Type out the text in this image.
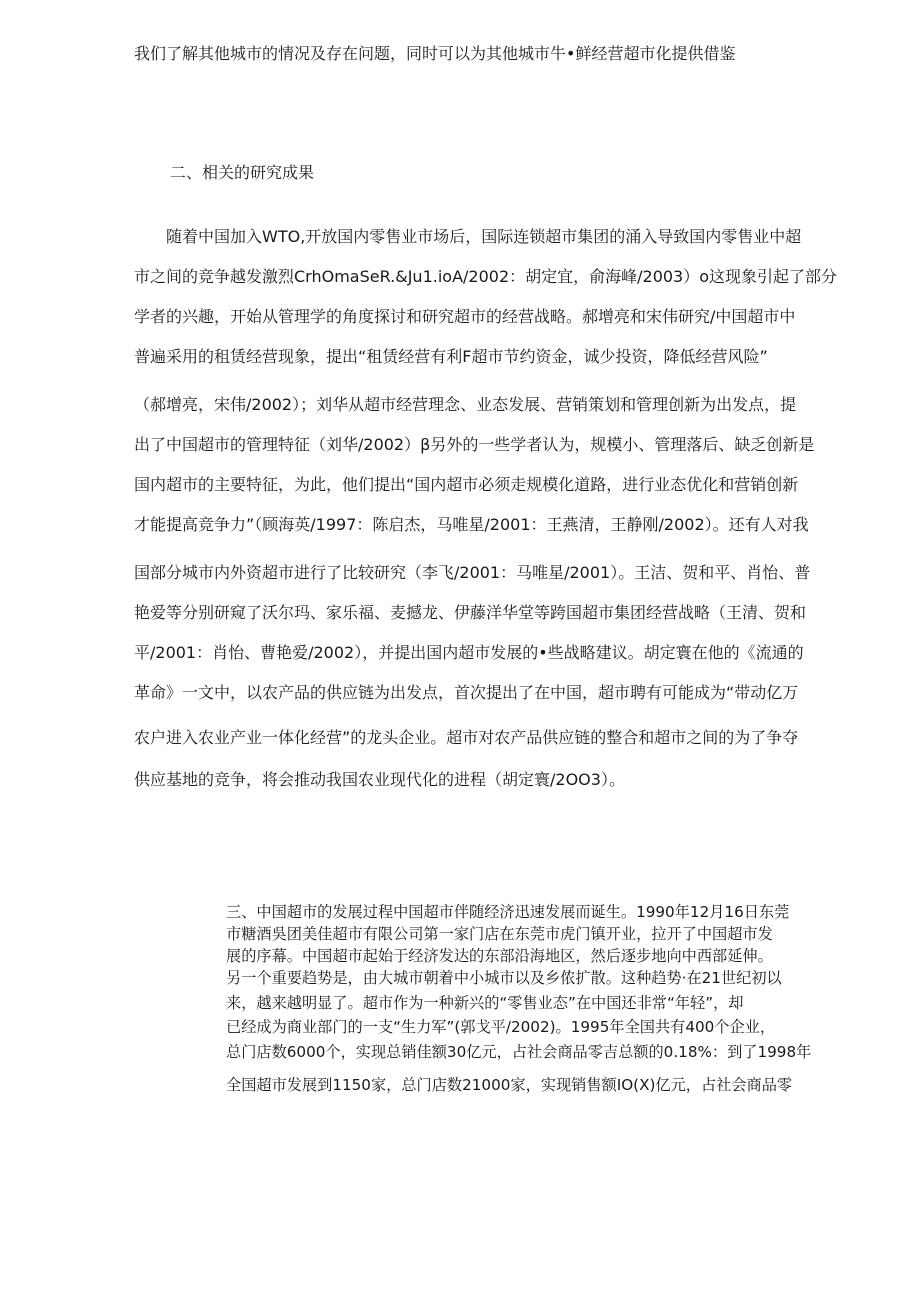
我们了解其他城市的情况及存在问题，同时可以为其他城市牛•鲜经营超市化提供借鉴

二、相关的研究成果

　　随着中国加入WTO,开放国内零售业市场后，国际连锁超市集团的涌入导致国内零售业中超

市之间的竞争越发激烈CrhOmaSeR.&Ju1.ioA/2002：胡定宜，俞海峰/2003）o这现象引起了部分

学者的兴趣，开始从管理学的角度探讨和研究超市的经营战略。郝增亮和宋伟研究/中国超市中

普遍采用的租赁经营现象，提出“租赁经营有利F超市节约资金，诚少投资，降低经营风险”

（郝增亮，宋伟/2002）；刘华从超市经营理念、业态发展、营销策划和管理创新为出发点，提

出了中国超市的管理特征（刘华/2002）β另外的一些学者认为，规模小、管理落后、缺乏创新是

国内超市的主要特征，为此，他们提出“国内超市必须走规模化道路，进行业态优化和营销创新

才能提高竞争力”（顾海英/1997：陈启杰，马唯星/2001：王燕清，王静刚/2002）。还有人对我

国部分城市内外资超市进行了比较研究（李飞/2001：马唯星/2001）。王洁、贺和平、肖怡、普

艳爱等分别研窥了沃尔玛、家乐福、麦撼龙、伊藤洋华堂等跨国超市集团经营战略（王清、贺和

平/2001：肖怡、曹艳爱/2002），并提出国内超市发展的•些战略建议。胡定寰在他的《流通的

革命》一文中，以农产品的供应链为出发点，首次提出了在中国，超市聘有可能成为“带动亿万

农户进入农业产业一体化经营”的龙头企业。超市对农产品供应链的整合和超市之间的为了争夺

供应基地的竞争，将会推动我国农业现代化的进程（胡定寰/2OO3）。

三、中国超市的发展过程中国超市伴随经济迅速发展而诞生。1990年12月16日东莞

市糖酒吳团美佳超市有限公司第一家门店在东莞市虎门镇开业，拉开了中国超市发

展的序幕。中国超市起始于经济发达的东部沿海地区，然后逐步地向中西部延伸。

另一个重要趋势是，由大城市朝着中小城市以及乡侬扩散。这种趋势·在21世纪初以

来，越来越明显了。超市作为一种新兴的“零售业态”在中国还非常“年轻”，却

已经成为商业部门的一支“生力军”(郭戈平/2002)。1995年全国共有400个企业，

总门店数6000个，实现总销佳额30亿元，占社会商品零吉总额的0.18%：到了1998年

全国超市发展到1150家，总门店数21000家，实现销售额IO(X)亿元，占社会商品零
